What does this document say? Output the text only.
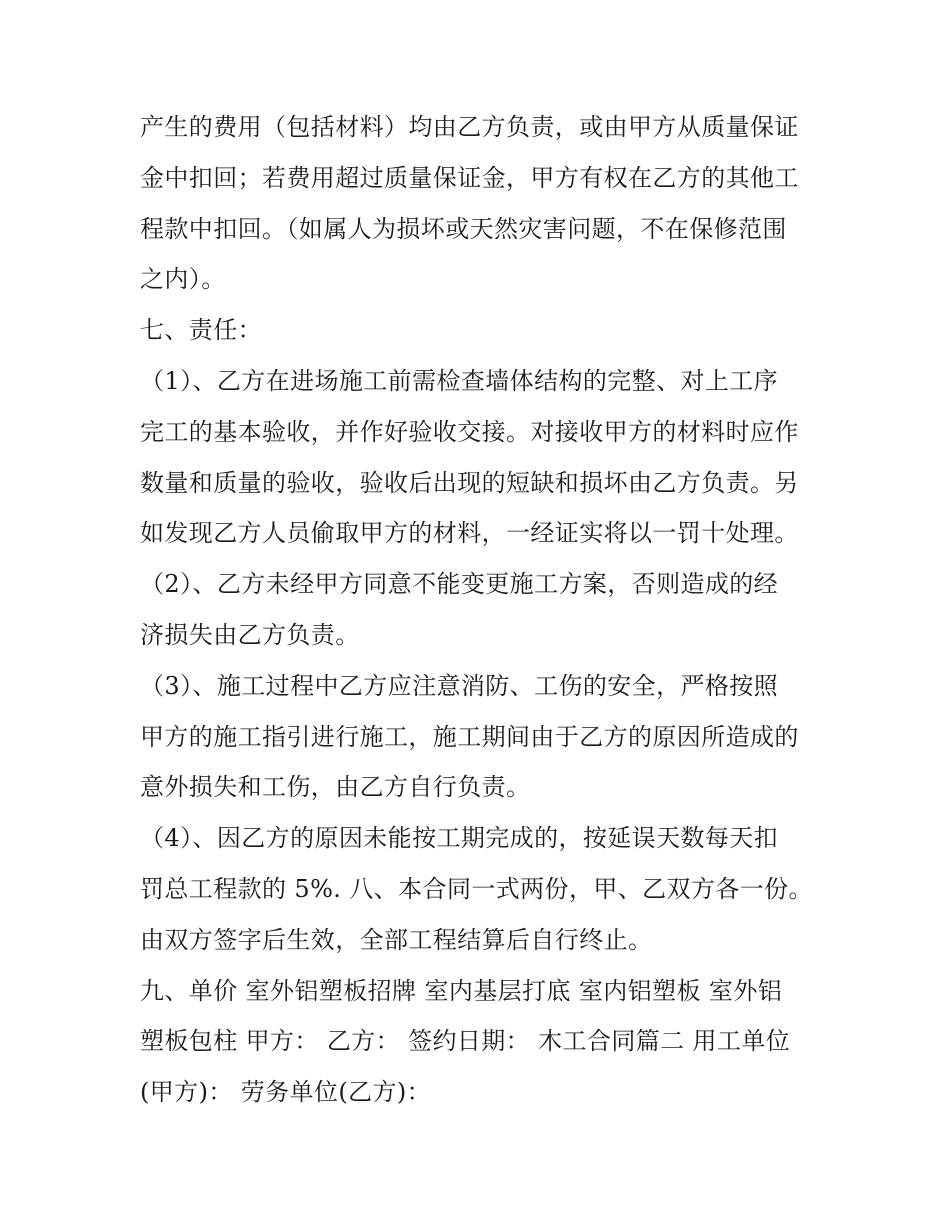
产生的费用（包括材料）均由乙方负责，或由甲方从质量保证
金中扣回；若费用超过质量保证金，甲方有权在乙方的其他工
程款中扣回。（如属人为损坏或天然灾害问题，不在保修范围
之内）。
七、责任：
（1）、乙方在进场施工前需检查墙体结构的完整、对上工序
完工的基本验收，并作好验收交接。对接收甲方的材料时应作
数量和质量的验收，验收后出现的短缺和损坏由乙方负责。另
如发现乙方人员偷取甲方的材料，一经证实将以一罚十处理。
（2）、乙方未经甲方同意不能变更施工方案，否则造成的经
济损失由乙方负责。
（3）、施工过程中乙方应注意消防、工伤的安全，严格按照
甲方的施工指引进行施工，施工期间由于乙方的原因所造成的
意外损失和工伤，由乙方自行负责。
（4）、因乙方的原因未能按工期完成的，按延误天数每天扣
罚总工程款的 5%. 八、本合同一式两份，甲、乙双方各一份。
由双方签字后生效，全部工程结算后自行终止。
九、单价 室外铝塑板招牌 室内基层打底 室内铝塑板 室外铝
塑板包柱 甲方： 乙方： 签约日期： 木工合同篇二 用工单位
(甲方)： 劳务单位(乙方)：
